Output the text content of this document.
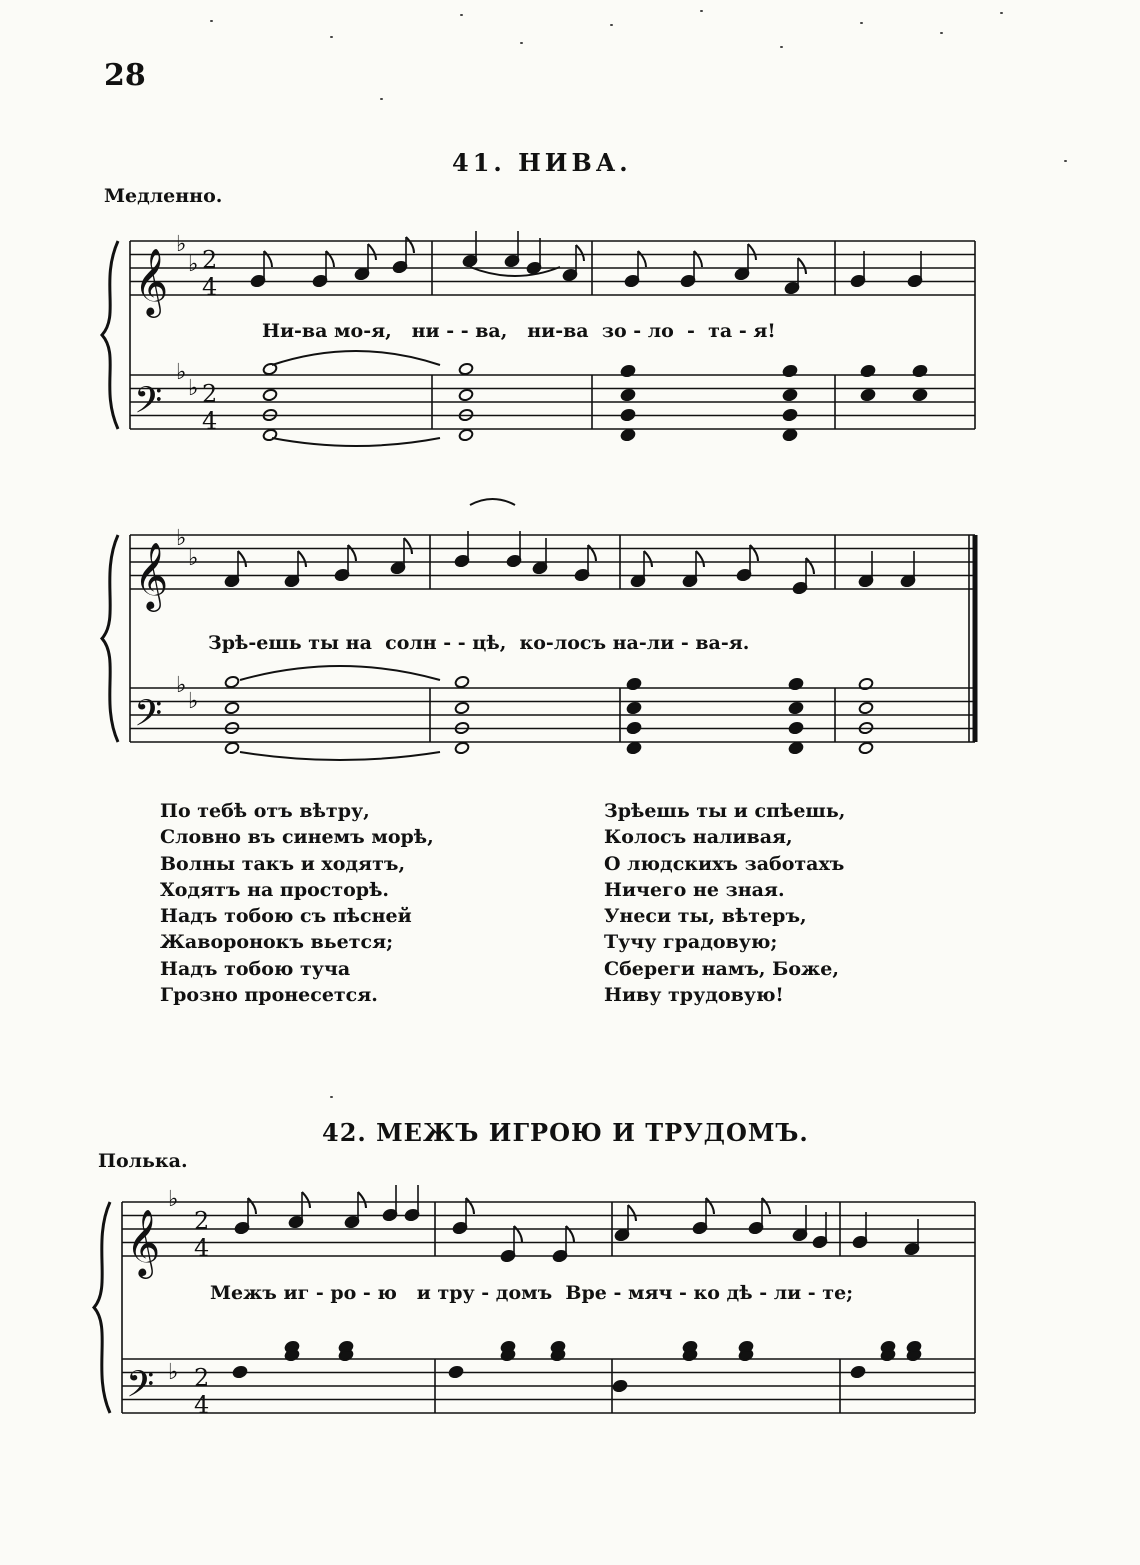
28
41. НИВА.
Медленно.
Ни-ва мо-я,   ни - - ва,   ни-ва  зо - ло  -  та - я!
Зрѣ-ешь ты на  солн - - цѣ,  ко-лосъ на-ли - ва-я.
По тебѣ отъ вѣтру,
Словно въ синемъ морѣ,
Волны такъ и ходятъ,
Ходятъ на просторѣ.
Надъ тобою съ пѣсней
Жаворонокъ вьется;
Надъ тобою туча
Грозно пронесется.
Зрѣешь ты и спѣешь,
Колосъ наливая,
О людскихъ заботахъ
Ничего не зная.
Унеси ты, вѣтеръ,
Тучу градовую;
Сбереги намъ, Боже,
Ниву трудовую!
42. МЕЖЪ ИГРОЮ И ТРУДОМЪ.
Полька.
Межъ иг - ро - ю   и тру - домъ  Вре - мяч - ко дѣ - ли - те;
𝄞
𝄢
♭
♭
♭
♭
2
4
2
4
𝄞
𝄢
♭
♭
♭
♭
𝄞
𝄢
♭
♭
2
4
2
4
